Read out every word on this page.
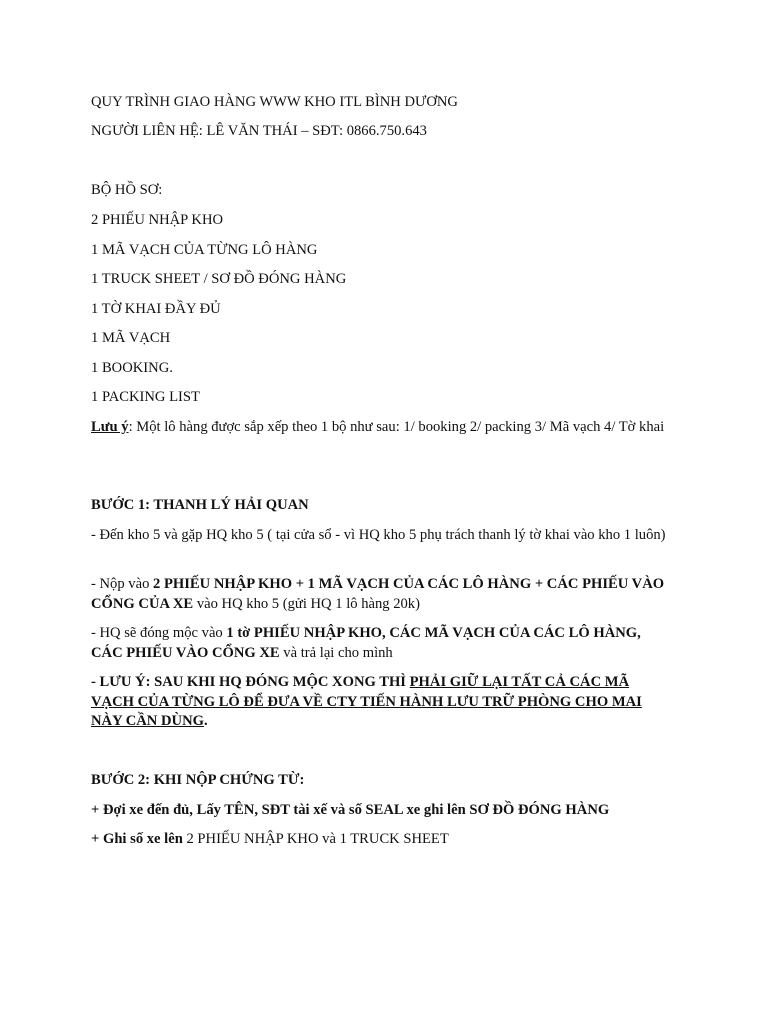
QUY TRÌNH GIAO HÀNG WWW KHO ITL BÌNH DƯƠNG
NGƯỜI LIÊN HỆ: LÊ VĂN THÁI – SĐT: 0866.750.643
BỘ HỒ SƠ:
2 PHIẾU NHẬP KHO
1 MÃ VẠCH CỦA TỪNG LÔ HÀNG
1 TRUCK SHEET / SƠ ĐỒ ĐÓNG HÀNG
1 TỜ KHAI ĐẦY ĐỦ
1 MÃ VẠCH
1 BOOKING.
1 PACKING LIST
Lưu ý: Một lô hàng được sắp xếp theo 1 bộ như sau: 1/ booking 2/ packing 3/ Mã vạch 4/ Tờ khai
BƯỚC 1: THANH LÝ HẢI QUAN
- Đến kho 5 và gặp HQ kho 5 ( tại cửa sổ - vì HQ kho 5 phụ trách thanh lý tờ khai vào kho 1 luôn)
- Nộp vào 2 PHIẾU NHẬP KHO + 1 MÃ VẠCH CỦA CÁC LÔ HÀNG + CÁC PHIẾU VÀO CỔNG CỦA XE vào HQ kho 5 (gửi HQ 1 lô hàng 20k)
- HQ sẽ đóng mộc vào 1 tờ PHIẾU NHẬP KHO, CÁC MÃ VẠCH CỦA CÁC LÔ HÀNG, CÁC PHIẾU VÀO CỔNG XE và trả lại cho mình
- LƯU Ý: SAU KHI HQ ĐÓNG MỘC XONG THÌ PHẢI GIỮ LẠI TẤT CẢ CÁC MÃ VẠCH CỦA TỪNG LÔ ĐỂ ĐƯA VỀ CTY TIẾN HÀNH LƯU TRỮ PHÒNG CHO MAI NÀY CẦN DÙNG.
BƯỚC 2: KHI NỘP CHỨNG TỪ:
+ Đợi xe đến đủ, Lấy TÊN, SĐT tài xế và số SEAL xe ghi lên SƠ ĐỒ ĐÓNG HÀNG
+ Ghi số xe lên 2 PHIẾU NHẬP KHO và 1 TRUCK SHEET
